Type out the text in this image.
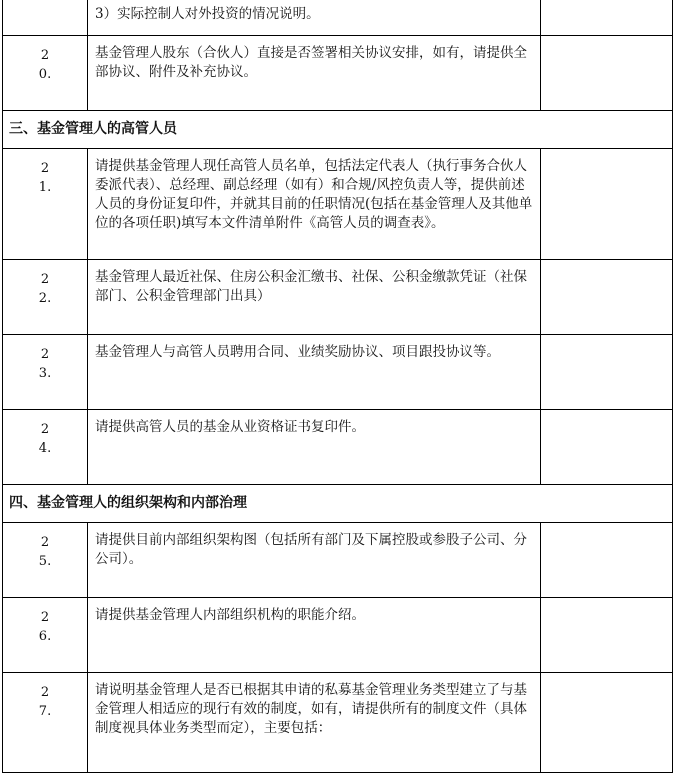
	3）实际控制人对外投资的情况说明。	

2
0.	基金管理人股东（合伙人）直接是否签署相关协议安排，如有，请提供全部协议、附件及补充协议。	
三、基金管理人的高管人员		

2
1.	请提供基金管理人现任高管人员名单，包括法定代表人（执行事务合伙人委派代表）、总经理、副总经理（如有）和合规/风控负责人等，提供前述人员的身份证复印件，并就其目前的任职情况(包括在基金管理人及其他单位的各项任职)填写本文件清单附件《高管人员的调查表》。	

2
2.	基金管理人最近社保、住房公积金汇缴书、社保、公积金缴款凭证（社保部门、公积金管理部门出具）	

2
3.	基金管理人与高管人员聘用合同、业绩奖励协议、项目跟投协议等。	

2
4.	请提供高管人员的基金从业资格证书复印件。	
四、基金管理人的组织架构和内部治理		

2
5.	请提供目前内部组织架构图（包括所有部门及下属控股或参股子公司、分公司）。	

2
6.	请提供基金管理人内部组织机构的职能介绍。	

2
7.	请说明基金管理人是否已根据其申请的私募基金管理业务类型建立了与基金管理人相适应的现行有效的制度，如有，请提供所有的制度文件（具体制度视具体业务类型而定），主要包括：	
